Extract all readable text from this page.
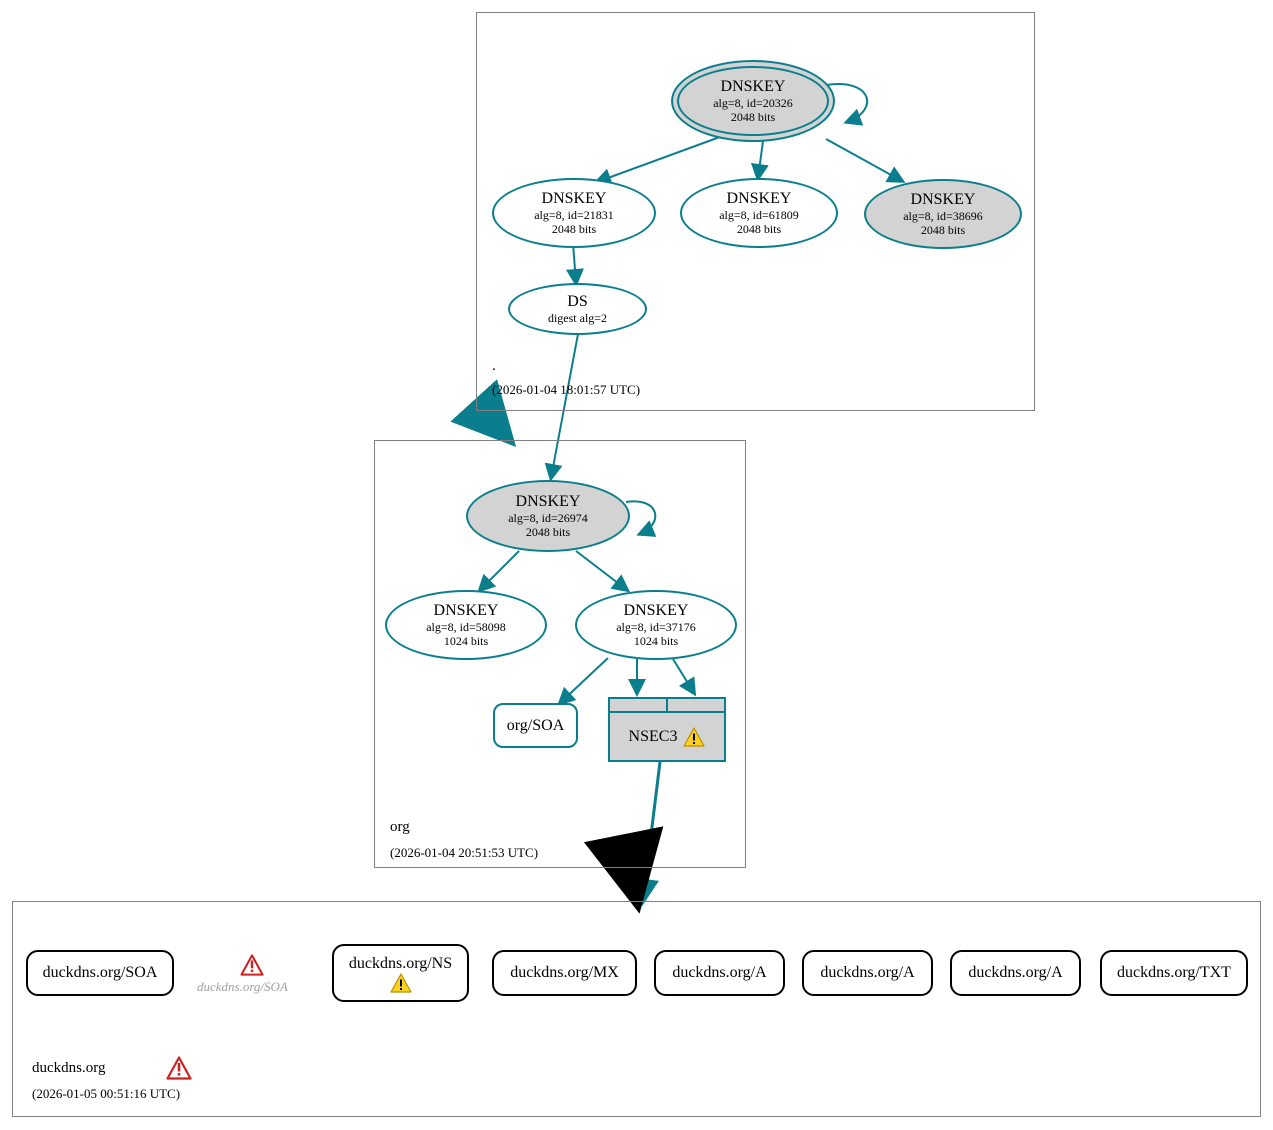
.
(2026-01-04 18:01:57 UTC)
DNSKEY
alg=8, id=20326
2048 bits
DNSKEY
alg=8, id=21831
2048 bits
DNSKEY
alg=8, id=61809
2048 bits
DNSKEY
alg=8, id=38696
2048 bits
DS
digest alg=2
org
(2026-01-04 20:51:53 UTC)
DNSKEY
alg=8, id=26974
2048 bits
DNSKEY
alg=8, id=58098
1024 bits
DNSKEY
alg=8, id=37176
1024 bits
org/SOA
NSEC3
duckdns.org
(2026-01-05 00:51:16 UTC)
duckdns.org/SOA
duckdns.org/SOA
duckdns.org/NS
duckdns.org/MX	duckdns.org/A	duckdns.org/A	duckdns.org/A	duckdns.org/TXT
